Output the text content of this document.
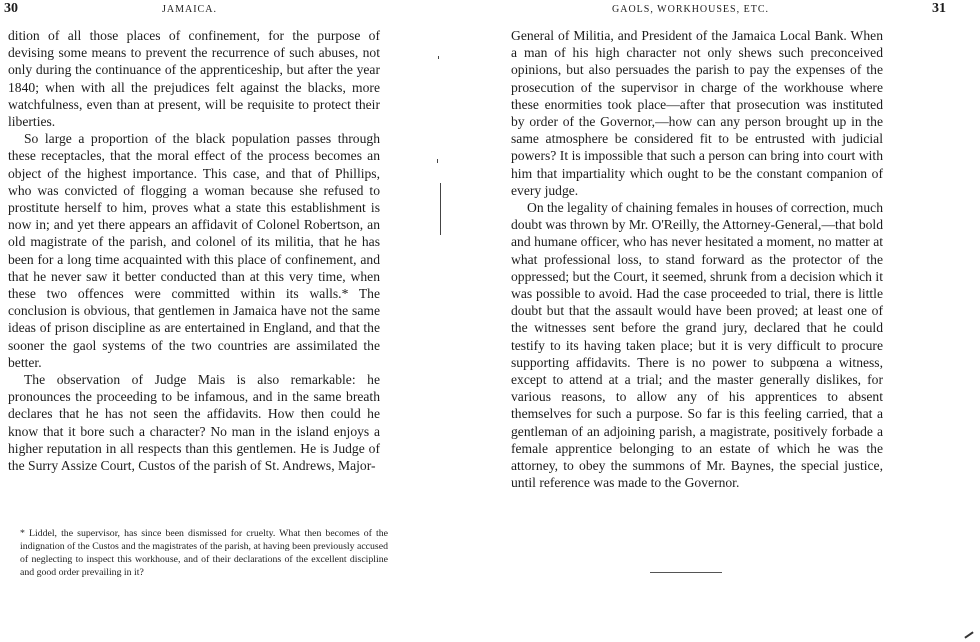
30	JAMAICA.

dition of all those places of confinement, for the purpose of devising some means to prevent the recurrence of such abuses, not only during the continuance of the apprenticeship, but after the year 1840; when with all the prejudices felt against the blacks, more watchfulness, even than at present, will be requisite to protect their liberties.

So large a proportion of the black population passes through these receptacles, that the moral effect of the process becomes an object of the highest importance. This case, and that of Phillips, who was convicted of flogging a woman because she refused to prostitute herself to him, proves what a state this establishment is now in; and yet there appears an affidavit of Colonel Robertson, an old magistrate of the parish, and colonel of its militia, that he has been for a long time acquainted with this place of confinement, and that he never saw it better conducted than at this very time, when these two offences were committed within its walls.* The conclusion is obvious, that gentlemen in Jamaica have not the same ideas of prison discipline as are entertained in England, and that the sooner the gaol systems of the two countries are assimilated the better.

The observation of Judge Mais is also remarkable: he pronounces the proceeding to be infamous, and in the same breath declares that he has not seen the affidavits. How then could he know that it bore such a character? No man in the island enjoys a higher reputation in all respects than this gentlemen. He is Judge of the Surry Assize Court, Custos of the parish of St. Andrews, Major-

* Liddel, the supervisor, has since been dismissed for cruelty. What then becomes of the indignation of the Custos and the magistrates of the parish, at having been previously accused of neglecting to inspect this workhouse, and of their declarations of the excellent discipline and good order prevailing in it?
GAOLS, WORKHOUSES, ETC.	31

General of Militia, and President of the Jamaica Local Bank. When a man of his high character not only shews such preconceived opinions, but also persuades the parish to pay the expenses of the prosecution of the supervisor in charge of the workhouse where these enormities took place—after that prosecution was instituted by order of the Governor,—how can any person brought up in the same atmosphere be considered fit to be entrusted with judicial powers? It is impossible that such a person can bring into court with him that impartiality which ought to be the constant companion of every judge.

On the legality of chaining females in houses of correction, much doubt was thrown by Mr. O'Reilly, the Attorney-General,—that bold and humane officer, who has never hesitated a moment, no matter at what professional loss, to stand forward as the protector of the oppressed; but the Court, it seemed, shrunk from a decision which it was possible to avoid. Had the case proceeded to trial, there is little doubt but that the assault would have been proved; at least one of the witnesses sent before the grand jury, declared that he could testify to its having taken place; but it is very difficult to procure supporting affidavits. There is no power to subpœna a witness, except to attend at a trial; and the master generally dislikes, for various reasons, to allow any of his apprentices to absent themselves for such a purpose. So far is this feeling carried, that a gentleman of an adjoining parish, a magistrate, positively forbade a female apprentice belonging to an estate of which he was the attorney, to obey the summons of Mr. Baynes, the special justice, until reference was made to the Governor.
